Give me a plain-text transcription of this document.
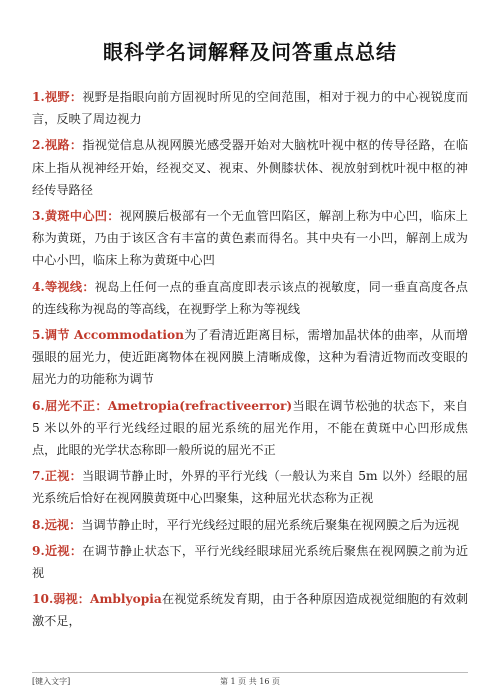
眼科学名词解释及问答重点总结

1.视野：视野是指眼向前方固视时所见的空间范围，相对于视力的中心视锐度而言，反映了周边视力

2.视路：指视觉信息从视网膜光感受器开始对大脑枕叶视中枢的传导径路，在临床上指从视神经开始，经视交叉、视束、外侧膝状体、视放射到枕叶视中枢的神经传导路径

3.黄斑中心凹：视网膜后极部有一个无血管凹陷区，解剖上称为中心凹，临床上称为黄斑，乃由于该区含有丰富的黄色素而得名。其中央有一小凹，解剖上成为中心小凹，临床上称为黄斑中心凹

4.等视线：视岛上任何一点的垂直高度即表示该点的视敏度，同一垂直高度各点的连线称为视岛的等高线，在视野学上称为等视线

5.调节 Accommodation为了看清近距离目标，需增加晶状体的曲率，从而增强眼的屈光力，使近距离物体在视网膜上清晰成像，这种为看清近物而改变眼的屈光力的功能称为调节

6.屈光不正：Ametropia(refractiveerror)当眼在调节松弛的状态下，来自 5 米以外的平行光线经过眼的屈光系统的屈光作用，不能在黄斑中心凹形成焦点，此眼的光学状态称即一般所说的屈光不正

7.正视：当眼调节静止时，外界的平行光线（一般认为来自 5m 以外）经眼的屈光系统后恰好在视网膜黄斑中心凹聚集，这种屈光状态称为正视

8.远视：当调节静止时，平行光线经过眼的屈光系统后聚集在视网膜之后为远视

9.近视：在调节静止状态下，平行光线经眼球屈光系统后聚焦在视网膜之前为近视

10.弱视：Amblyopia在视觉系统发育期，由于各种原因造成视觉细胞的有效刺激不足，

[键入文字]	第 1 页 共 16 页
